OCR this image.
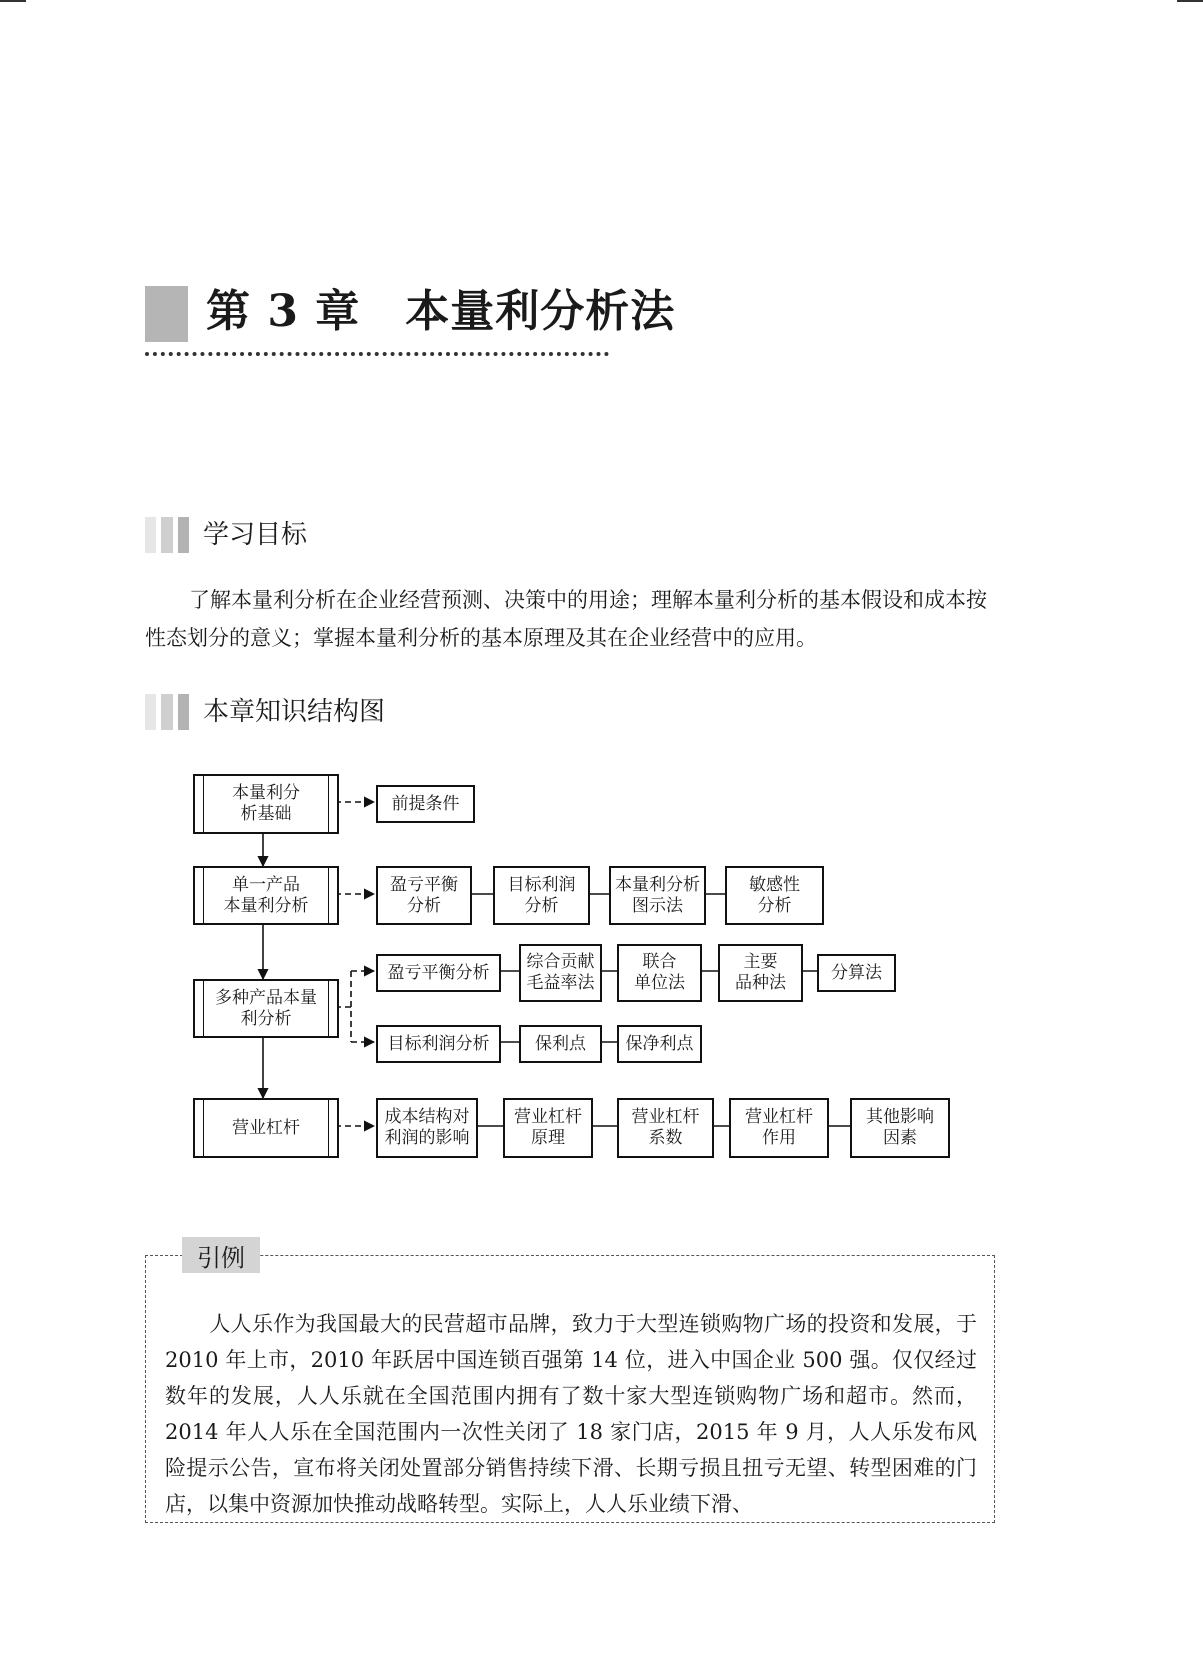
第 3 章　本量利分析法
学习目标

了解本量利分析在企业经营预测、决策中的用途；理解本量利分析的基本假设和成本按性态划分的意义；掌握本量利分析的基本原理及其在企业经营中的应用。

本章知识结构图
本量利分
析基础
单一产品
本量利分析
多种产品本量
利分析
营业杠杆
前提条件
盈亏平衡
分析
目标利润
分析
本量利分析
图示法
敏感性
分析
盈亏平衡分析
综合贡献
毛益率法
联合
单位法
主要
品种法
分算法
目标利润分析	保利点 保净利点
成本结构对
利润的影响
营业杠杆
原理
营业杠杆
系数
营业杠杆
作用
其他影响
因素
引例

人人乐作为我国最大的民营超市品牌，致力于大型连锁购物广场的投资和发展，于 2010 年上市，2010 年跃居中国连锁百强第 14 位，进入中国企业 500 强。仅仅经过数年的发展，人人乐就在全国范围内拥有了数十家大型连锁购物广场和超市。然而，2014 年人人乐在全国范围内一次性关闭了 18 家门店，2015 年 9 月，人人乐发布风险提示公告，宣布将关闭处置部分销售持续下滑、长期亏损且扭亏无望、转型困难的门店，以集中资源加快推动战略转型。实际上，人人乐业绩下滑、
